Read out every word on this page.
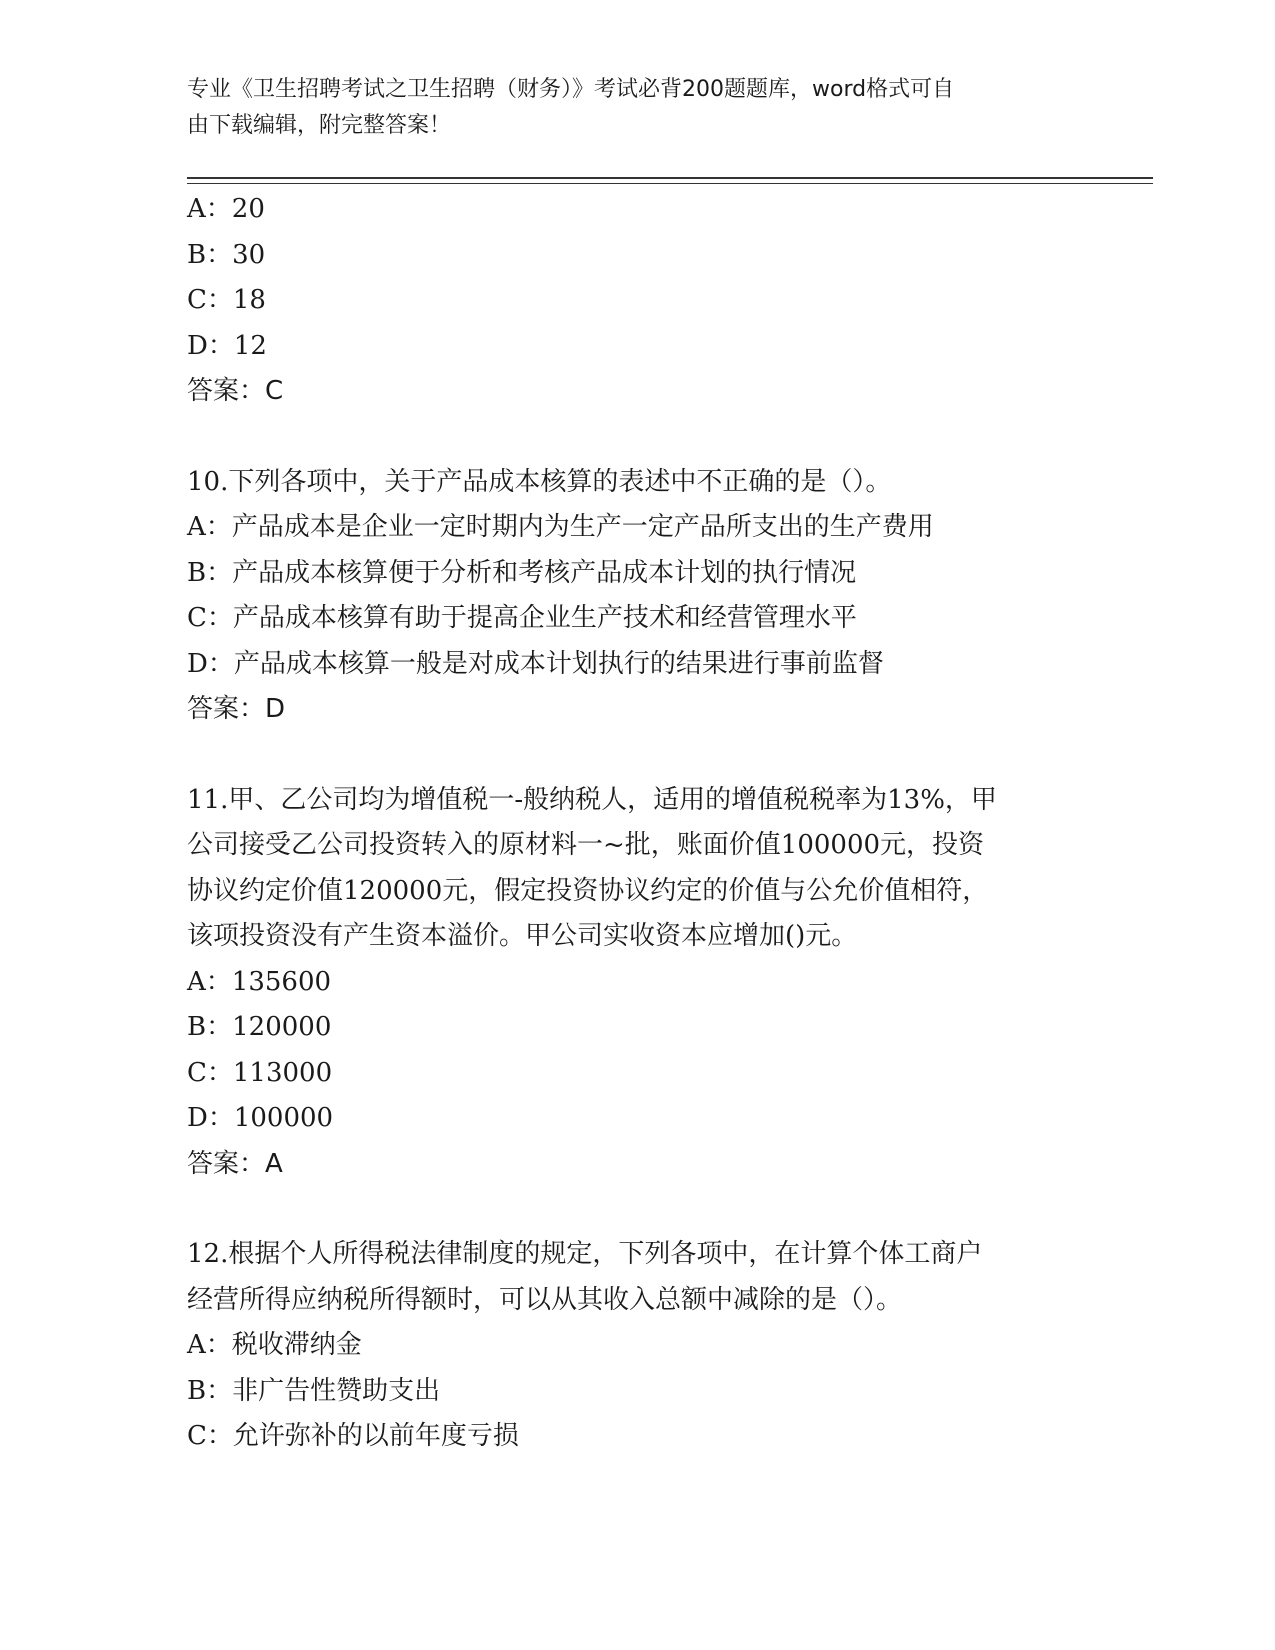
专业《卫生招聘考试之卫生招聘（财务）》考试必背200题题库，word格式可自
由下载编辑，附完整答案！
A：20
B：30
C：18
D：12
答案：C
10.下列各项中，关于产品成本核算的表述中不正确的是（）。
A：产品成本是企业一定时期内为生产一定产品所支出的生产费用
B：产品成本核算便于分析和考核产品成本计划的执行情况
C：产品成本核算有助于提高企业生产技术和经营管理水平
D：产品成本核算一般是对成本计划执行的结果进行事前监督
答案：D
11.甲、乙公司均为增值税一-般纳税人，适用的增值税税率为13%，甲
公司接受乙公司投资转入的原材料一~批，账面价值100000元，投资
协议约定价值120000元，假定投资协议约定的价值与公允价值相符，
该项投资没有产生资本溢价。甲公司实收资本应增加()元。
A：135600
B：120000
C：113000
D：100000
答案：A
12.根据个人所得税法律制度的规定，下列各项中，在计算个体工商户
经营所得应纳税所得额时，可以从其收入总额中减除的是（）。
A：税收滞纳金
B：非广告性赞助支出
C：允许弥补的以前年度亏损
